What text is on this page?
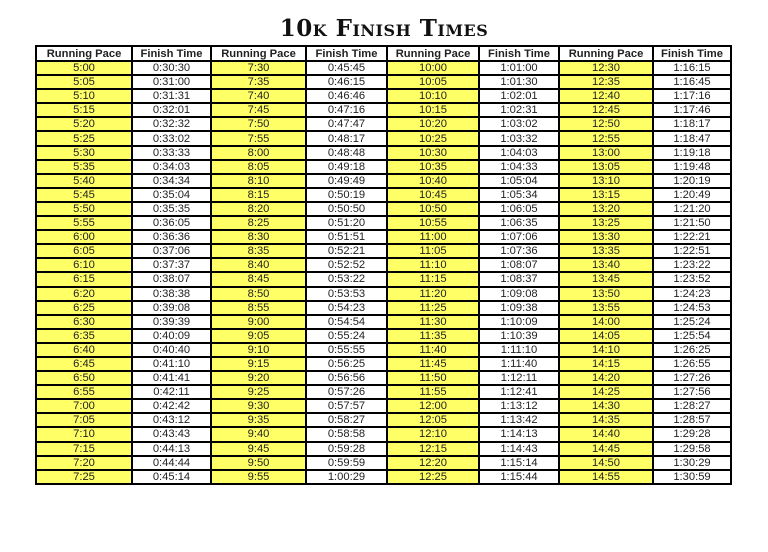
10k Finish Times
Running Pace	Finish Time	Running Pace	Finish Time	Running Pace	Finish Time	Running Pace	Finish Time
5:00	0:30:30	7:30	0:45:45	10:00	1:01:00	12:30	1:16:15
5:05	0:31:00	7:35	0:46:15	10:05	1:01:30	12:35	1:16:45
5:10	0:31:31	7:40	0:46:46	10:10	1:02:01	12:40	1:17:16
5:15	0:32:01	7:45	0:47:16	10:15	1:02:31	12:45	1:17:46
5:20	0:32:32	7:50	0:47:47	10:20	1:03:02	12:50	1:18:17
5:25	0:33:02	7:55	0:48:17	10:25	1:03:32	12:55	1:18:47
5:30	0:33:33	8:00	0:48:48	10:30	1:04:03	13:00	1:19:18
5:35	0:34:03	8:05	0:49:18	10:35	1:04:33	13:05	1:19:48
5:40	0:34:34	8:10	0:49:49	10:40	1:05:04	13:10	1:20:19
5:45	0:35:04	8:15	0:50:19	10:45	1:05:34	13:15	1:20:49
5:50	0:35:35	8:20	0:50:50	10:50	1:06:05	13:20	1:21:20
5:55	0:36:05	8:25	0:51:20	10:55	1:06:35	13:25	1:21:50
6:00	0:36:36	8:30	0:51:51	11:00	1:07:06	13:30	1:22:21
6:05	0:37:06	8:35	0:52:21	11:05	1:07:36	13:35	1:22:51
6:10	0:37:37	8:40	0:52:52	11:10	1:08:07	13:40	1:23:22
6:15	0:38:07	8:45	0:53:22	11:15	1:08:37	13:45	1:23:52
6:20	0:38:38	8:50	0:53:53	11:20	1:09:08	13:50	1:24:23
6:25	0:39:08	8:55	0:54:23	11:25	1:09:38	13:55	1:24:53
6:30	0:39:39	9:00	0:54:54	11:30	1:10:09	14:00	1:25:24
6:35	0:40:09	9:05	0:55:24	11:35	1:10:39	14:05	1:25:54
6:40	0:40:40	9:10	0:55:55	11:40	1:11:10	14:10	1:26:25
6:45	0:41:10	9:15	0:56:25	11:45	1:11:40	14:15	1:26:55
6:50	0:41:41	9:20	0:56:56	11:50	1:12:11	14:20	1:27:26
6:55	0:42:11	9:25	0:57:26	11:55	1:12:41	14:25	1:27:56
7:00	0:42:42	9:30	0:57:57	12:00	1:13:12	14:30	1:28:27
7:05	0:43:12	9:35	0:58:27	12:05	1:13:42	14:35	1:28:57
7:10	0:43:43	9:40	0:58:58	12:10	1:14:13	14:40	1:29:28
7:15	0:44:13	9:45	0:59:28	12:15	1:14:43	14:45	1:29:58
7:20	0:44:44	9:50	0:59:59	12:20	1:15:14	14:50	1:30:29
7:25	0:45:14	9:55	1:00:29	12:25	1:15:44	14:55	1:30:59
